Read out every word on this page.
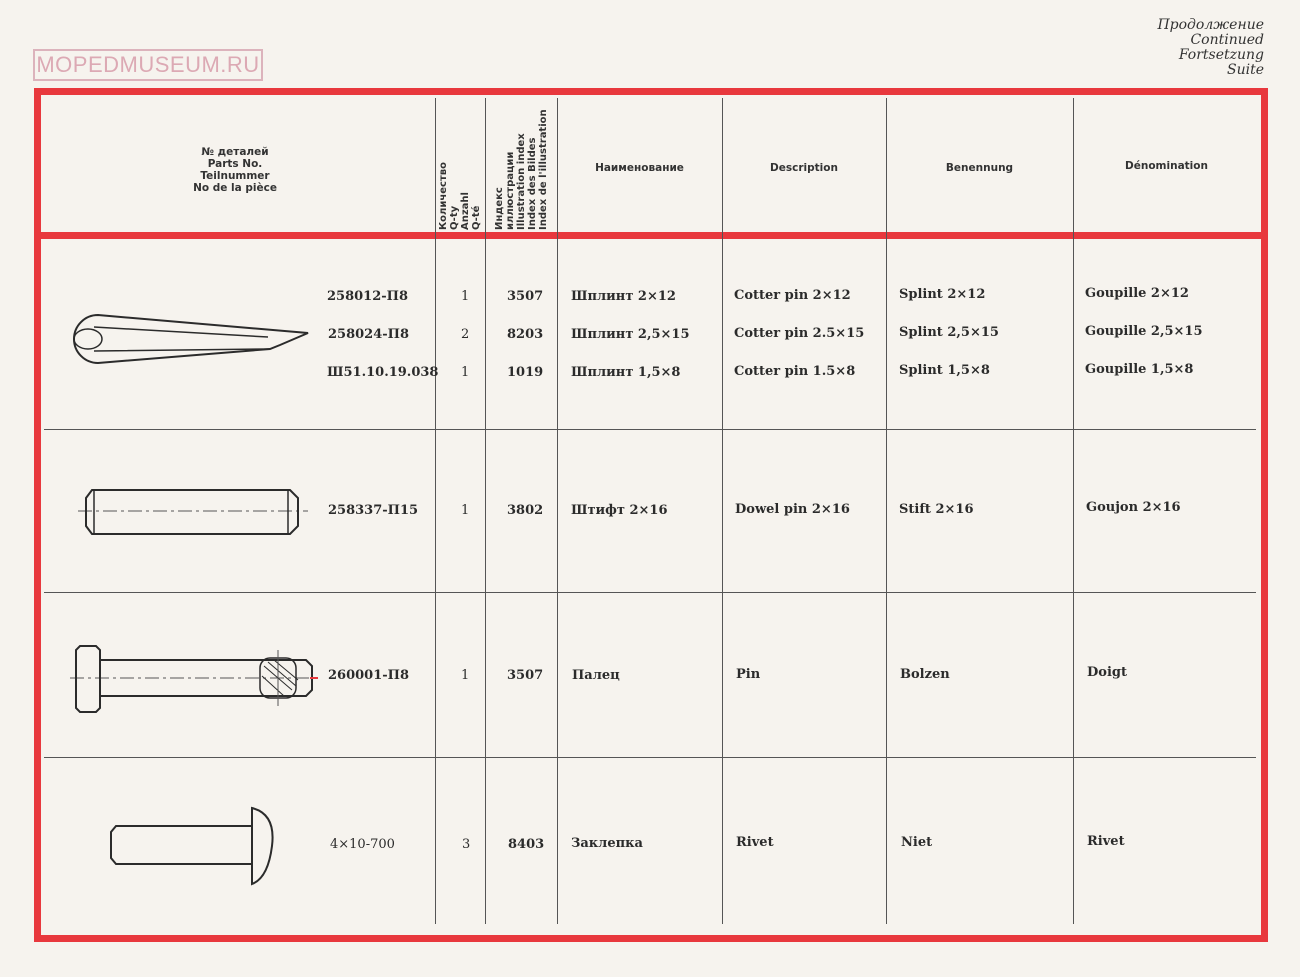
MOPEDMUSEUM.RU
Продолжение
Continued
Fortsetzung
Suite
№ деталей
Parts No.
Teilnummer
No de la pièce	Количество Q-ty Anzahl Q-té Индекс иллюстрации Illustration index Index des Bildes Index de l'illustration	Наименование	Description	Benennung	Dénomination
258012-П8	1	3507 Шплинт 2×12	Cotter pin 2×12	Splint 2×12	Goupille 2×12
258024-П8	2	8203 Шплинт 2,5×15	Cotter pin 2.5×15	Splint 2,5×15	Goupille 2,5×15
Ш51.10.19.038 1	1019 Шплинт 1,5×8	Cotter pin 1.5×8	Splint 1,5×8	Goupille 1,5×8
258337-П15	1	3802 Штифт 2×16	Dowel pin 2×16	Stift 2×16	Goujon 2×16
260001-П8	1	3507 Палец	Pin	Bolzen	Doigt
4×10-700	3	8403 Заклепка	Rivet	Niet	Rivet
